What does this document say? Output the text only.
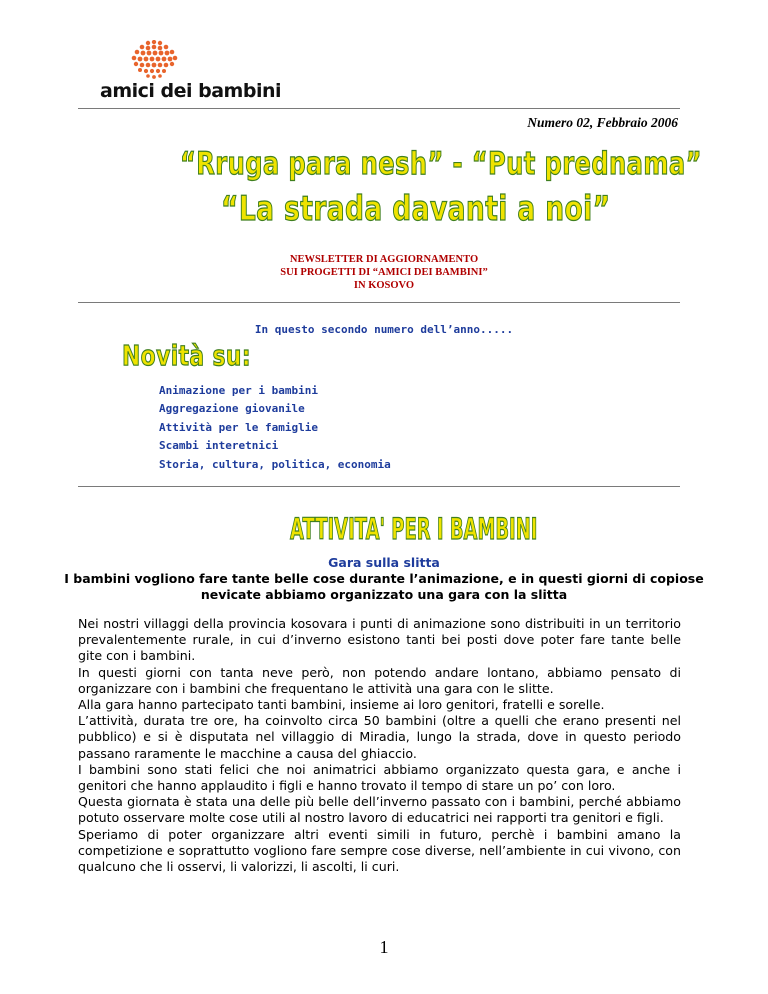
amici dei bambini
Numero 02, Febbraio 2006
“Rruga para nesh” - “Put prednama”
“La strada davanti a noi”
NEWSLETTER DI AGGIORNAMENTO
SUI PROGETTI DI “AMICI DEI BAMBINI”
IN KOSOVO
In questo secondo numero dell’anno.....
Novità su:
Animazione per i bambini
Aggregazione giovanile
Attività per le famiglie
Scambi interetnici
Storia, cultura, politica, economia
ATTIVITA' PER I BAMBINI
Gara sulla slitta
I bambini vogliono fare tante belle cose durante l’animazione, e in questi giorni di copiose nevicate abbiamo organizzato una gara con la slitta

Nei nostri villaggi della provincia kosovara i punti di animazione sono distribuiti in un territorio prevalentemente rurale, in cui d’inverno esistono tanti bei posti dove poter fare tante belle gite con i bambini.

In questi giorni con tanta neve però, non potendo andare lontano, abbiamo pensato di organizzare con i bambini che frequentano le attività una gara con le slitte.

Alla gara hanno partecipato tanti bambini, insieme ai loro genitori, fratelli e sorelle.

L’attività, durata tre ore, ha coinvolto circa 50 bambini (oltre a quelli che erano presenti nel pubblico) e si è disputata nel villaggio di Miradia, lungo la strada, dove in questo periodo passano raramente le macchine a causa del ghiaccio.

I bambini sono stati felici che noi animatrici abbiamo organizzato questa gara, e anche i genitori che hanno applaudito i figli e hanno trovato il tempo di stare un po’ con loro.

Questa giornata è stata una delle più belle dell’inverno passato con i bambini, perché abbiamo potuto osservare molte cose utili al nostro lavoro di educatrici nei rapporti tra genitori e figli.

Speriamo di poter organizzare altri eventi simili in futuro, perchè i bambini amano la competizione e soprattutto vogliono fare sempre cose diverse, nell’ambiente in cui vivono, con qualcuno che li osservi, li valorizzi, li ascolti, li curi.

1
